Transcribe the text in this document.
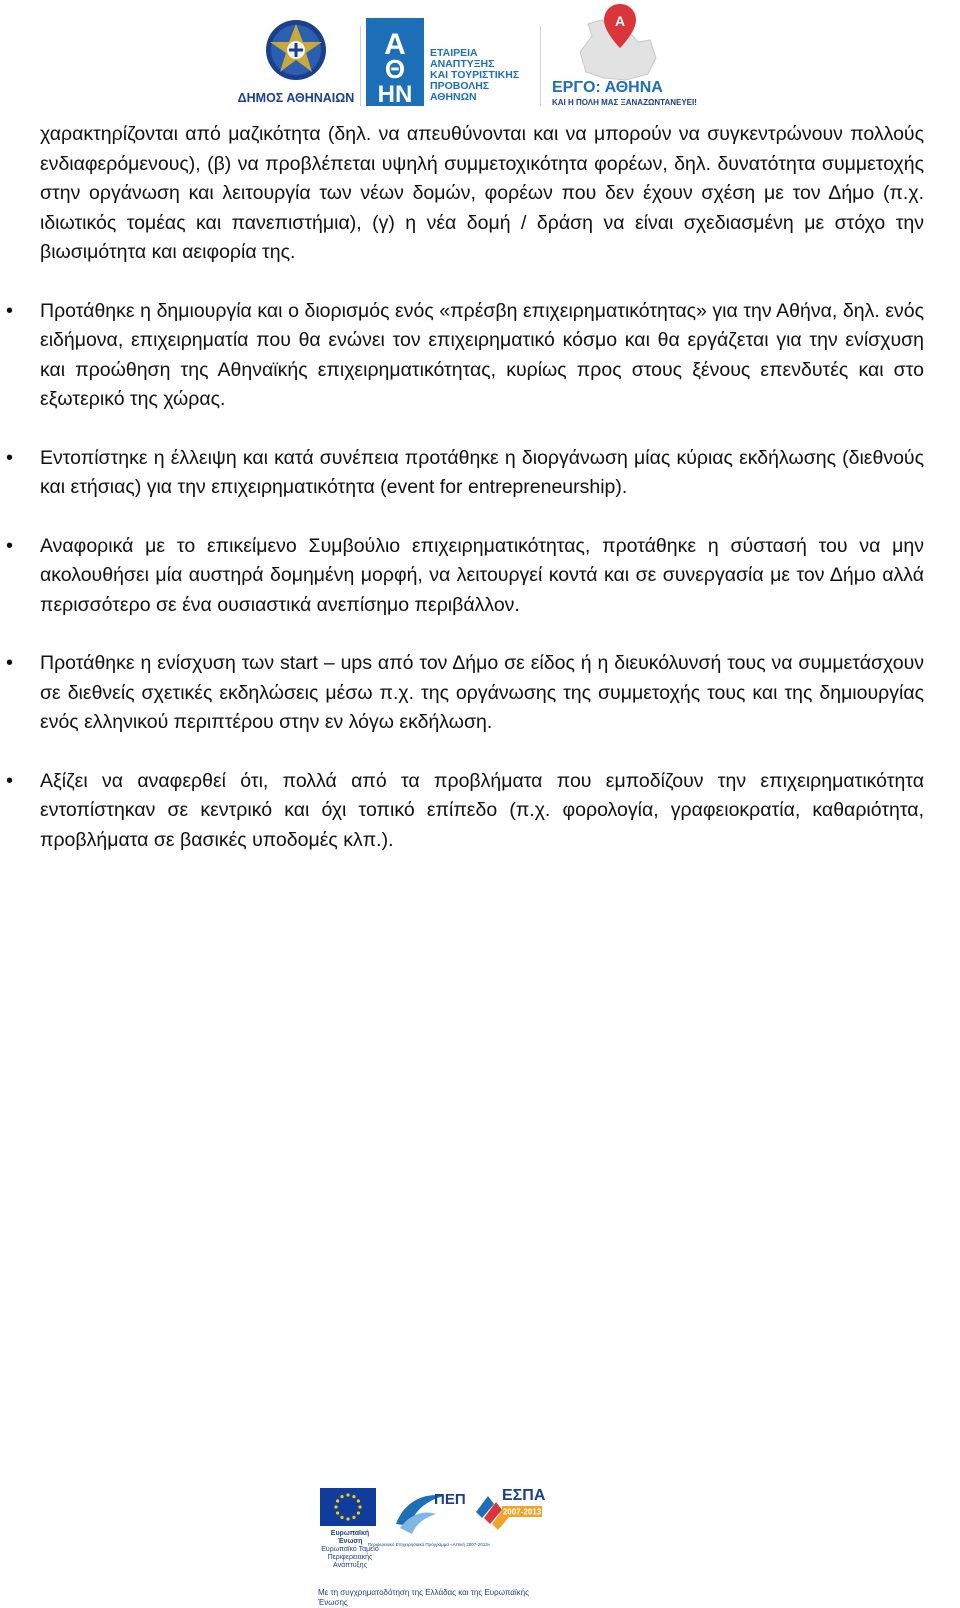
ΔΗΜΟΣ ΑΘΗΝΑΙΩΝ
Α
Θ
ΗΝ
ΕΤΑΙΡΕΙΑ
ΑΝΑΠΤΥΞΗΣ
ΚΑΙ ΤΟΥΡΙΣΤΙΚΗΣ
ΠΡΟΒΟΛΗΣ
ΑΘΗΝΩΝ
Α
ΕΡΓΟ: ΑΘΗΝΑ
ΚΑΙ Η ΠΟΛΗ ΜΑΣ ΞΑΝΑΖΩΝΤΑΝΕΥΕΙ!

χαρακτηρίζονται από μαζικότητα (δηλ. να απευθύνονται και να μπορούν να συγκεντρώνουν πολλούς ενδιαφερόμενους), (β) να προβλέπεται υψηλή συμμετοχικότητα φορέων, δηλ. δυνατότητα συμμετοχής στην οργάνωση και λειτουργία των νέων δομών, φορέων που δεν έχουν σχέση με τον Δήμο (π.χ. ιδιωτικός τομέας και πανεπιστήμια), (γ) η νέα δομή / δράση να είναι σχεδιασμένη με στόχο την βιωσιμότητα και αειφορία της.

•	Προτάθηκε η δημιουργία και ο διορισμός ενός «πρέσβη επιχειρηματικότητας» για την Αθήνα, δηλ. ενός ειδήμονα, επιχειρηματία που θα ενώνει τον επιχειρηματικό κόσμο και θα εργάζεται για την ενίσχυση και προώθηση της Αθηναϊκής επιχειρηματικότητας, κυρίως προς στους ξένους επενδυτές και στο εξωτερικό της χώρας.
•	Εντοπίστηκε η έλλειψη και κατά συνέπεια προτάθηκε η διοργάνωση μίας κύριας εκδήλωσης (διεθνούς και ετήσιας) για την επιχειρηματικότητα (event for entrepreneurship).
•	Αναφορικά με το επικείμενο Συμβούλιο επιχειρηματικότητας, προτάθηκε η σύστασή του να μην ακολουθήσει μία αυστηρά δομημένη μορφή, να λειτουργεί κοντά και σε συνεργασία με τον Δήμο αλλά περισσότερο σε ένα ουσιαστικά ανεπίσημο περιβάλλον.
•	Προτάθηκε η ενίσχυση των start – ups από τον Δήμο σε είδος ή η διευκόλυνσή τους να συμμετάσχουν σε διεθνείς σχετικές εκδηλώσεις μέσω π.χ. της οργάνωσης της συμμετοχής τους και της δημιουργίας ενός ελληνικού περιπτέρου στην εν λόγω εκδήλωση.
•	Αξίζει να αναφερθεί ότι, πολλά από τα προβλήματα που εμποδίζουν την επιχειρηματικότητα εντοπίστηκαν σε κεντρικό και όχι τοπικό επίπεδο (π.χ. φορολογία, γραφειοκρατία, καθαριότητα, προβλήματα σε βασικές υποδομές κλπ.).
Ευρωπαϊκή Ένωση
Ευρωπαϊκό Ταμείο Περιφερειακής Ανάπτυξης
ΠΕΠ
Περιφερειακό Επιχειρησιακό Πρόγραμμα «Αττική 2007-2013»
ΕΣΠΑ
2007-2013
Με τη συγχρηματοδότηση της Ελλάδας και της Ευρωπαϊκής Ένωσης
